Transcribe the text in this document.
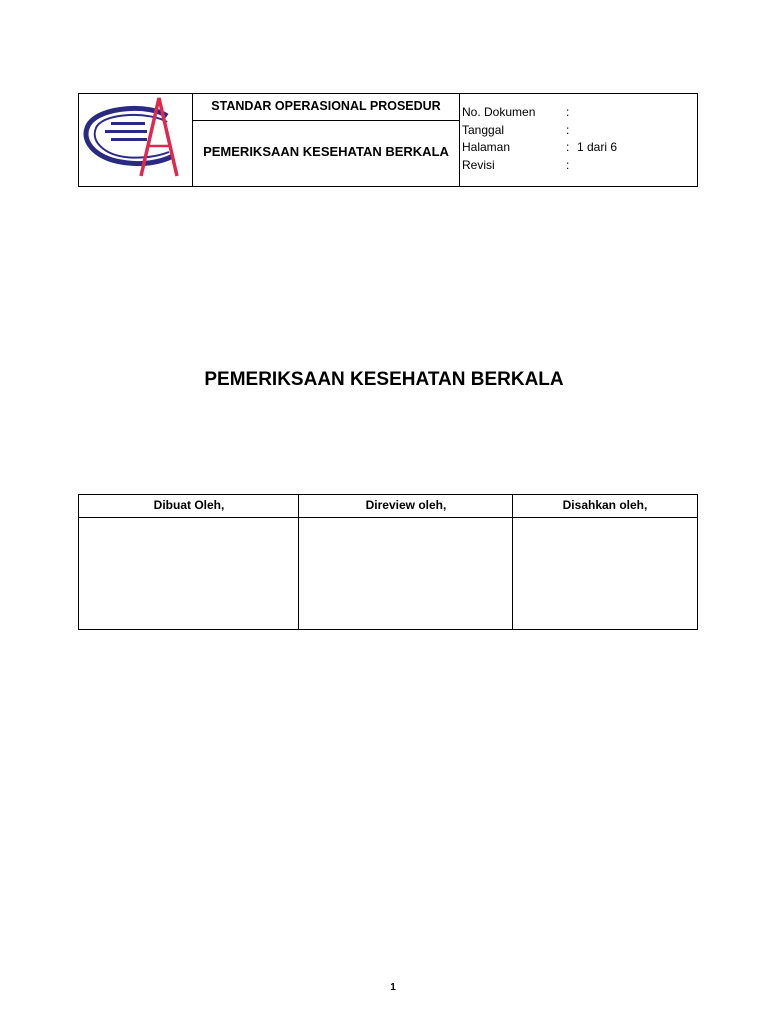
STANDAR OPERASIONAL PROSEDUR
PEMERIKSAAN KESEHATAN BERKALA
No. Dokumen	:
Tanggal	:
Halaman	: 1 dari 6
Revisi	:
PEMERIKSAAN KESEHATAN BERKALA
Dibuat Oleh,	Direview oleh,	Disahkan oleh,
1
